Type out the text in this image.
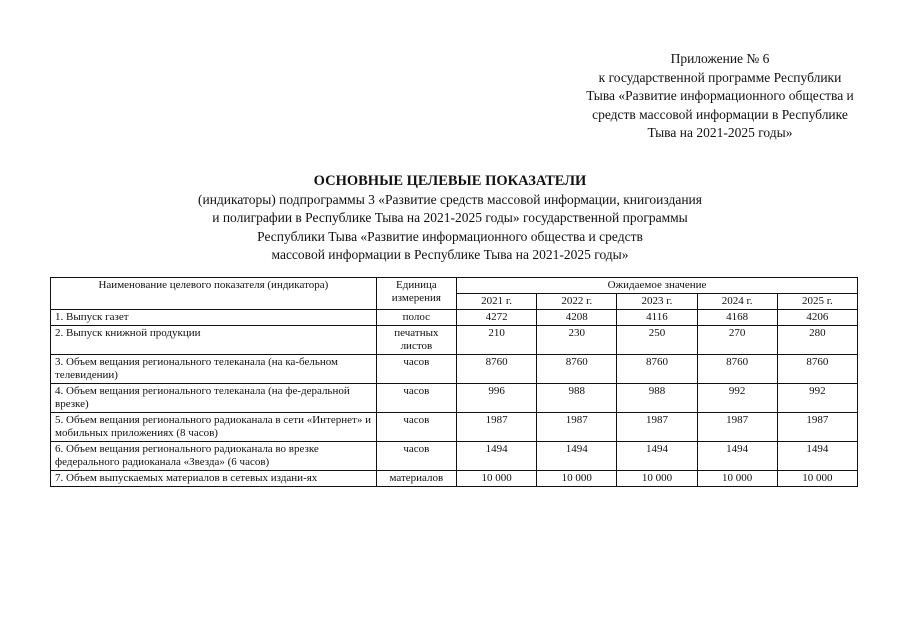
Приложение № 6
к государственной программе Республики
Тыва «Развитие информационного общества и
средств массовой информации в Республике
Тыва на 2021-2025 годы»
ОСНОВНЫЕ ЦЕЛЕВЫЕ ПОКАЗАТЕЛИ
(индикаторы) подпрограммы 3 «Развитие средств массовой информации, книгоиздания
и полиграфии в Республике Тыва на 2021-2025 годы» государственной программы
Республики Тыва «Развитие информационного общества и средств
массовой информации в Республике Тыва на 2021-2025 годы»
Наименование целевого показателя (индикатора)	Единица измерения	Ожидаемое значение				
		2021 г.	2022 г.	2023 г.	2024 г.	2025 г.
1. Выпуск газет	полос	4272	4208	4116	4168	4206
2. Выпуск книжной продукции	печатных листов	210	230	250	270	280
3. Объем вещания регионального телеканала (на ка-бельном телевидении)	часов	8760	8760	8760	8760	8760
4. Объем вещания регионального телеканала (на фе-деральной врезке)	часов	996	988	988	992	992
5. Объем вещания регионального радиоканала в сети «Интернет» и мобильных приложениях (8 часов)	часов	1987	1987	1987	1987	1987
6. Объем вещания регионального радиоканала во врезке федерального радиоканала «Звезда» (6 часов)	часов	1494	1494	1494	1494	1494
7. Объем выпускаемых материалов в сетевых издани-ях	материалов	10 000	10 000	10 000	10 000	10 000
